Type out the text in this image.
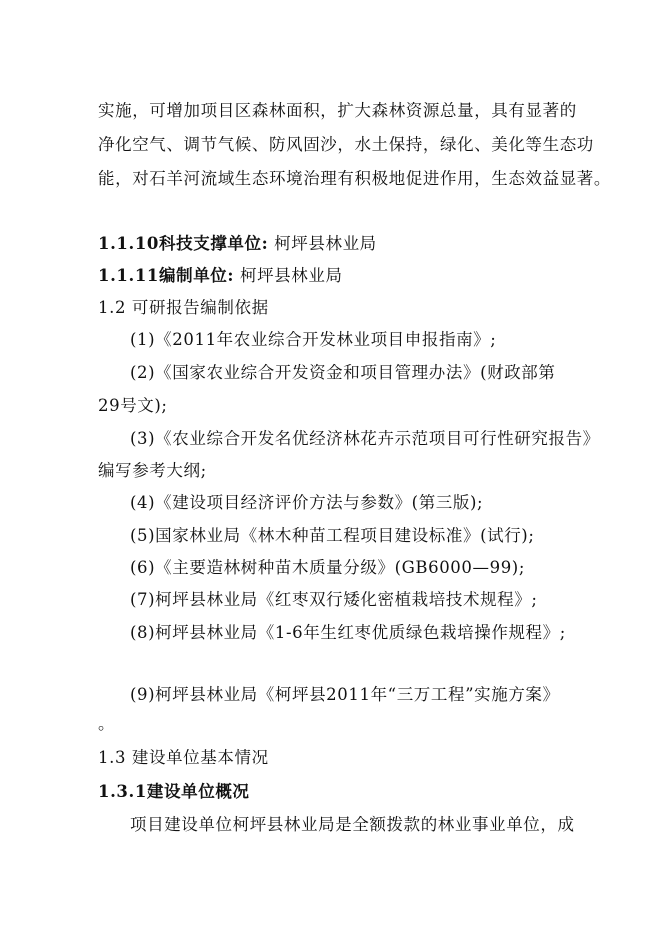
实施，可增加项目区森林面积，扩大森林资源总量，具有显著的
净化空气、调节气候、防风固沙，水土保持，绿化、美化等生态功
能，对石羊河流域生态环境治理有积极地促进作用，生态效益显著。
1.1.10科技支撑单位: 柯坪县林业局
1.1.11编制单位: 柯坪县林业局
1.2 可研报告编制依据
(1)《2011年农业综合开发林业项目申报指南》;
(2)《国家农业综合开发资金和项目管理办法》(财政部第
29号文);
(3)《农业综合开发名优经济林花卉示范项目可行性研究报告》
编写参考大纲;
(4)《建设项目经济评价方法与参数》(第三版);
(5)国家林业局《林木种苗工程项目建设标准》(试行);
(6)《主要造林树种苗木质量分级》(GB6000—99);
(7)柯坪县林业局《红枣双行矮化密植栽培技术规程》;
(8)柯坪县林业局《1-6年生红枣优质绿色栽培操作规程》;
(9)柯坪县林业局《柯坪县2011年“三万工程”实施方案》
。
1.3 建设单位基本情况
1.3.1建设单位概况
项目建设单位柯坪县林业局是全额拨款的林业事业单位，成
